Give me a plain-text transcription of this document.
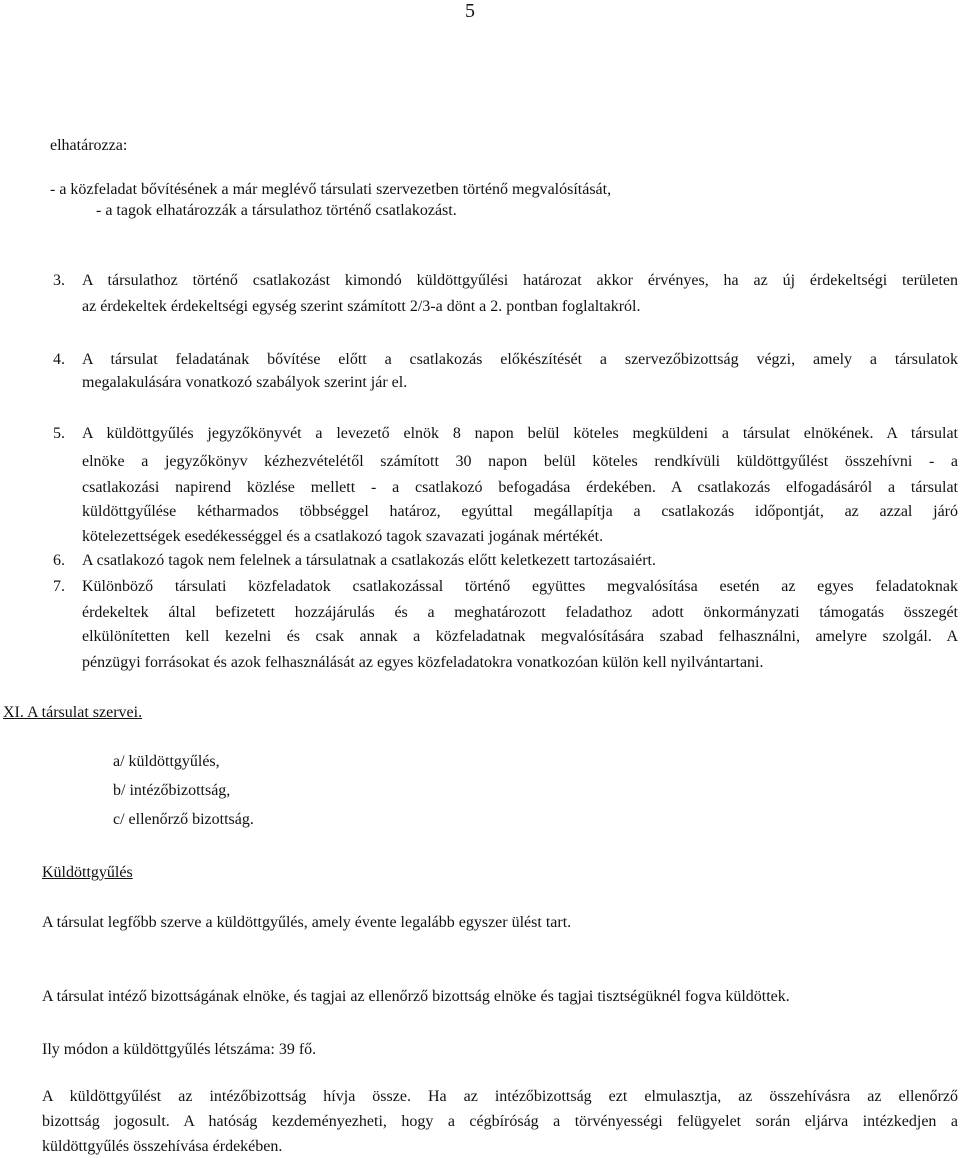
5
elhatározza:
- a közfeladat bővítésének a már meglévő társulati szervezetben történő megvalósítását,
- a tagok elhatározzák a társulathoz történő csatlakozást.
3. A társulathoz történő csatlakozást kimondó küldöttgyűlési határozat akkor érvényes, ha az új érdekeltségi területen
az érdekeltek érdekeltségi egység szerint számított 2/3-a dönt a 2. pontban foglaltakról.
4. A társulat feladatának bővítése előtt a csatlakozás előkészítését a szervezőbizottság végzi, amely a társulatok
megalakulására vonatkozó szabályok szerint jár el.
5. A küldöttgyűlés jegyzőkönyvét a levezető elnök 8 napon belül köteles megküldeni a társulat elnökének. A társulat
elnöke a jegyzőkönyv kézhezvételétől számított 30 napon belül köteles rendkívüli küldöttgyűlést összehívni - a
csatlakozási napirend közlése mellett - a csatlakozó befogadása érdekében. A csatlakozás elfogadásáról a társulat
küldöttgyűlése kétharmados többséggel határoz, egyúttal megállapítja a csatlakozás időpontját, az azzal járó
kötelezettségek esedékességgel és a csatlakozó tagok szavazati jogának mértékét.
6. A csatlakozó tagok nem felelnek a társulatnak a csatlakozás előtt keletkezett tartozásaiért.
7. Különböző társulati közfeladatok csatlakozással történő együttes megvalósítása esetén az egyes feladatoknak
érdekeltek által befizetett hozzájárulás és a meghatározott feladathoz adott önkormányzati támogatás összegét
elkülönítetten kell kezelni és csak annak a közfeladatnak megvalósítására szabad felhasználni, amelyre szolgál. A
pénzügyi forrásokat és azok felhasználását az egyes közfeladatokra vonatkozóan külön kell nyilvántartani.
XI. A társulat szervei.
a/ küldöttgyűlés,
b/ intézőbizottság,
c/ ellenőrző bizottság.
Küldöttgyűlés
A társulat legfőbb szerve a küldöttgyűlés, amely évente legalább egyszer ülést tart.
A társulat intéző bizottságának elnöke, és tagjai az ellenőrző bizottság elnöke és tagjai tisztségüknél fogva küldöttek.
Ily módon a küldöttgyűlés létszáma: 39 fő.
A küldöttgyűlést az intézőbizottság hívja össze. Ha az intézőbizottság ezt elmulasztja, az összehívásra az ellenőrző
bizottság jogosult. A hatóság kezdeményezheti, hogy a cégbíróság a törvényességi felügyelet során eljárva intézkedjen a
küldöttgyűlés összehívása érdekében.
